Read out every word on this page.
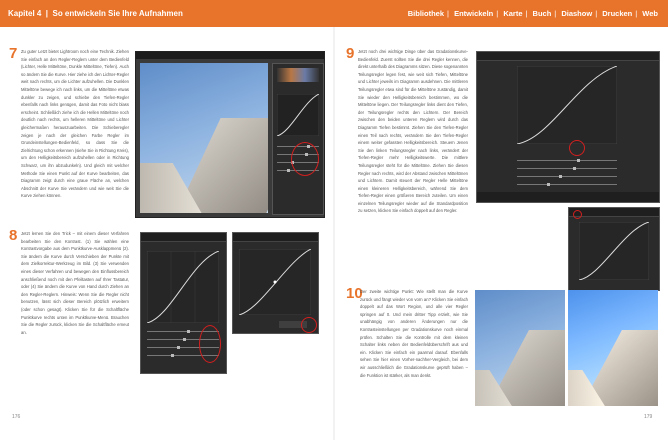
Kapitel 4  |  So entwickeln Sie Ihre Aufnahmen	Bibliothek | Entwickeln | Karte | Buch | Diashow | Drucken | Web
7 Zu guter Letzt bietet Lightroom noch eine Technik. Ziehen Sie einfach an den Regler-Reglern unter dem Bedienfeld (Lichter, Helle Mitteltöne, Dunkle Mitteltöne, Tiefen). Auch so ändern Sie die Kurve. Hier ziehe ich den Lichter-Regler weit nach rechts, um die Lichter aufzuhellen. Die Dunklen Mitteltöne bewege ich nach links, um die Mitteltöne etwas dunkler zu zeigen, und schiebe den Tiefen-Regler ebenfalls nach links genügen, damit das Foto nicht blass erscheint. Schließlich ziehe ich die Hellen Mitteltöne noch deutlich nach rechts, um helleren Mitteltöne und Lichter gleichermaßen herauszuarbeiten. Die Schieberegler zeigen je nach der gleichen Farbe Regler im Grundeinstellungen-Bedienfeld, so dass Sie die Zielrichtung schon erkennen (siehe Sie in Richtung Kreis), um den Helligkeitsbereich aufzuhellen oder in Richtung Schwarz, um ihn abzudunkeln). Und gleich mit welcher Methode Sie einen Punkt auf der Kurve bearbeiten, das Diagramm zeigt durch eine graue Fläche an, welchen Abschnitt der Kurve Sie verändern und wie weit Sie die Kurve ziehen können.
8 Jetzt lernen Sie den Trick – mit einem dieser Verfahren bearbeiten Sie den Kontrast. (1) Sie wählen eine Kontrastvorgabe aus dem Punktkurve-Ausklappmenü (2). Sie ändern die Kurve durch Verschieben der Punkte mit dem Zielkorrektur-Werkzeug im Bild. (3) Sie verwenden eines dieser Verfahren und bewegen den Einflussbereich anschließend noch mit den Pfeiltasten auf Ihrer Tastatur, oder (4) Sie ändern die Kurve von Hand durch Ziehen an den Regler-Reglern. Hinweis: Wenn Sie die Regler nicht benutzen, lässt sich dieser Bereich plötzlich erweitern (oder schon gesagt). Klicken Sie für die Schaltfläche Punktkurve rechts unten im Punktkurve-Menü. Brauchen Sie die Regler zurück, klicken Sie die Schaltfläche erneut an.
176
9 Jetzt noch drei wichtige Dinge über das Gradationskurve-Bedienfeld. Zuerst sollten Sie die drei Regler kennen, die direkt unterhalb des Diagramms sitzen. Diese sogenannten Teilungsregler legen fest, wie weit sich Tiefen, Mitteltöne und Lichter jeweils im Diagramm ausdehnen. Die mittleren Teilungsregler etwa sind für die Mitteltöne zuständig, damit Sie wieder den Helligkeitsbereich bestimmen, wo die Mitteltöne liegen. Der Teilungsregler links dient den Tiefen, der Teilungsregler rechts den Lichtern. Der Bereich zwischen den beiden unteren Reglern wird durch das Diagramm Tiefen bestimmt. Ziehen Sie den Tiefen-Regler einen Teil nach rechts, verändern Sie den Tiefen-Regler einem weiter gefassten Helligkeitsbereich. Steuern Jenen Sie den linken Teilungsregler nach links, verändert der Tiefen-Regler mehr Helligkeitswerte. Die mittlere Teilungsregler steht für die Mitteltöne. Ziehen Sie diesen Regler nach rechts, wird der Abstand zwischen Mitteltönen und Lichtern. Damit steuert der Regler Helle Mitteltöne einen kleineren Helligkeitsbereich, während Sie dem Tiefen-Regler einen größeren Bereich zuteilen. Um einen einzelnen Teilungsregler wieder auf die Standardposition zu setzen, klicken Sie einfach doppelt auf den Regler.
10
Der zweite wichtige Punkt: Wie stellt man die Kurve zurück und fängt wieder von vorn an? Klicken Sie einfach doppelt auf das Wort Region, und alle vier Regler springen auf 0. Und mein dritter Tipp erzielt, wie Sie unabhängig von anderen Änderungen nur die Kontrasteinstellungen per Gradationskurve noch einmal prüfen. Schalten Sie die Kontrolle mit dem kleinen Schalter links neben der Bedienfeldüberschrift aus und ein. Klicken Sie einfach ein paarmal darauf. Ebenfalls sehen Sie hier einen Vorher-nachher-Vergleich, bei dem wir ausschließlich die Gradationskurve geprüft haben – die Funktion ist stärker, als man denkt.
179
